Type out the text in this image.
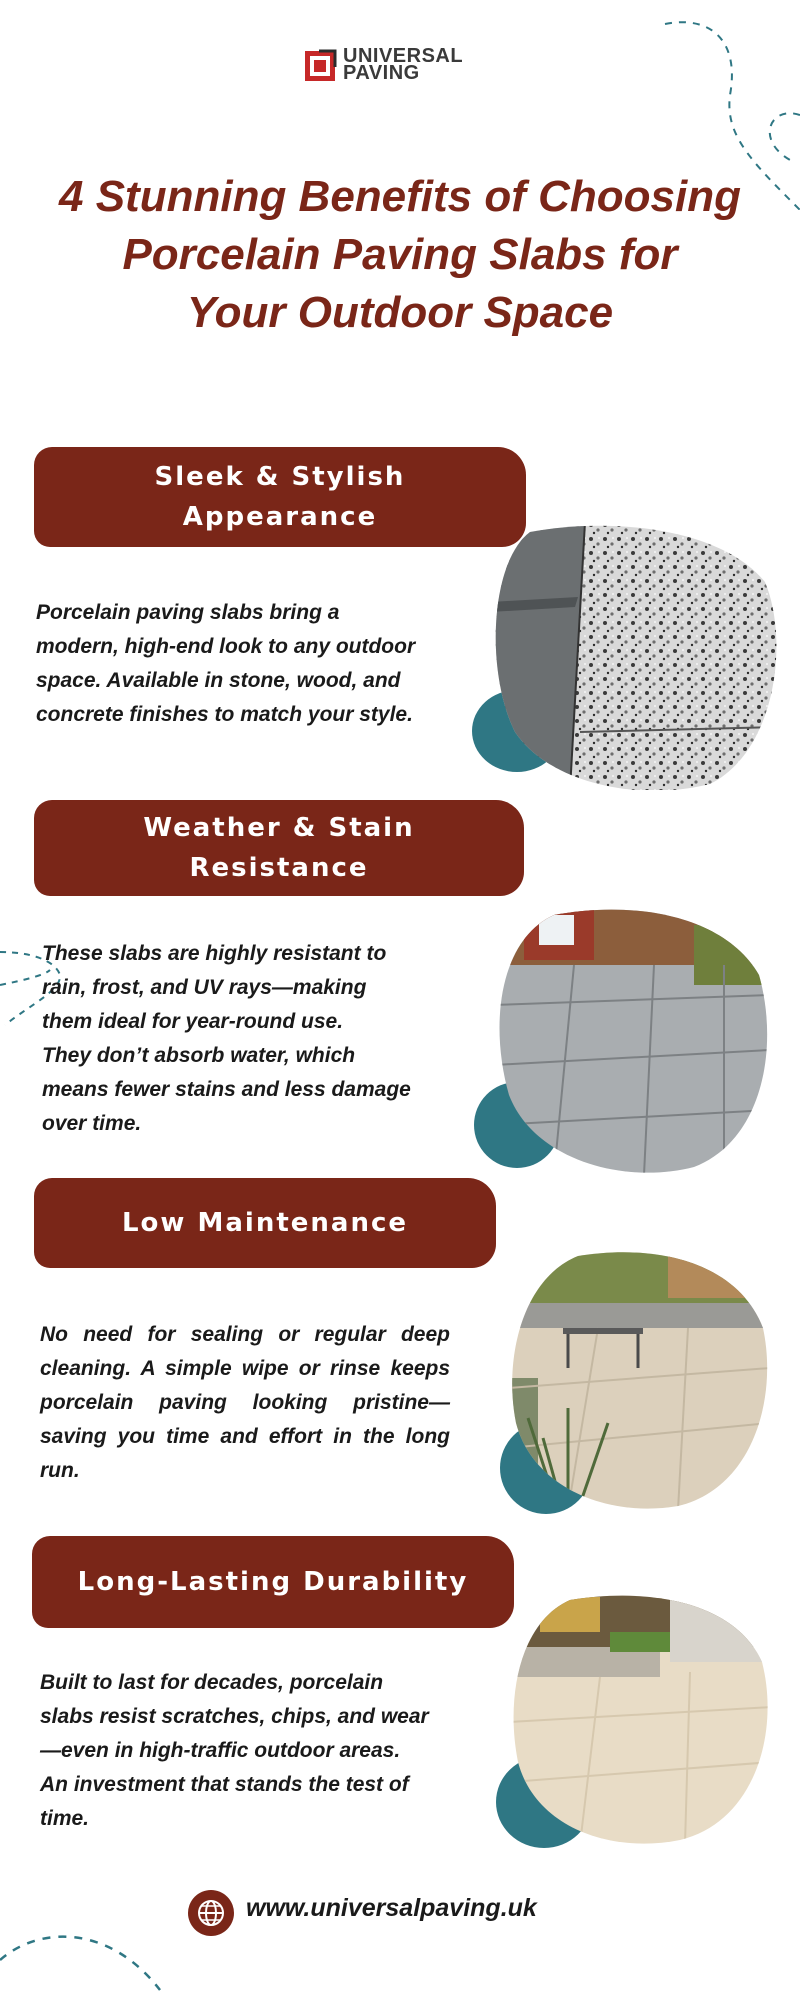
UNIVERSAL
PAVING
4 Stunning Benefits of Choosing
Porcelain Paving Slabs for
Your Outdoor Space
Sleek & Stylish
Appearance
Porcelain paving slabs bring a
modern, high-end look to any outdoor
space. Available in stone, wood, and
concrete finishes to match your style.
Weather & Stain
Resistance
These slabs are highly resistant to
rain, frost, and UV rays—making
them ideal for year-round use.
They don’t absorb water, which
means fewer stains and less damage
over time.
Low Maintenance
No need for sealing or regular deep cleaning. A simple wipe or rinse keeps porcelain paving looking pristine—saving you time and effort in the long run.
Long-Lasting Durability
Built to last for decades, porcelain
slabs resist scratches, chips, and wear
—even in high-traffic outdoor areas.
An investment that stands the test of
time.
www.universalpaving.uk
